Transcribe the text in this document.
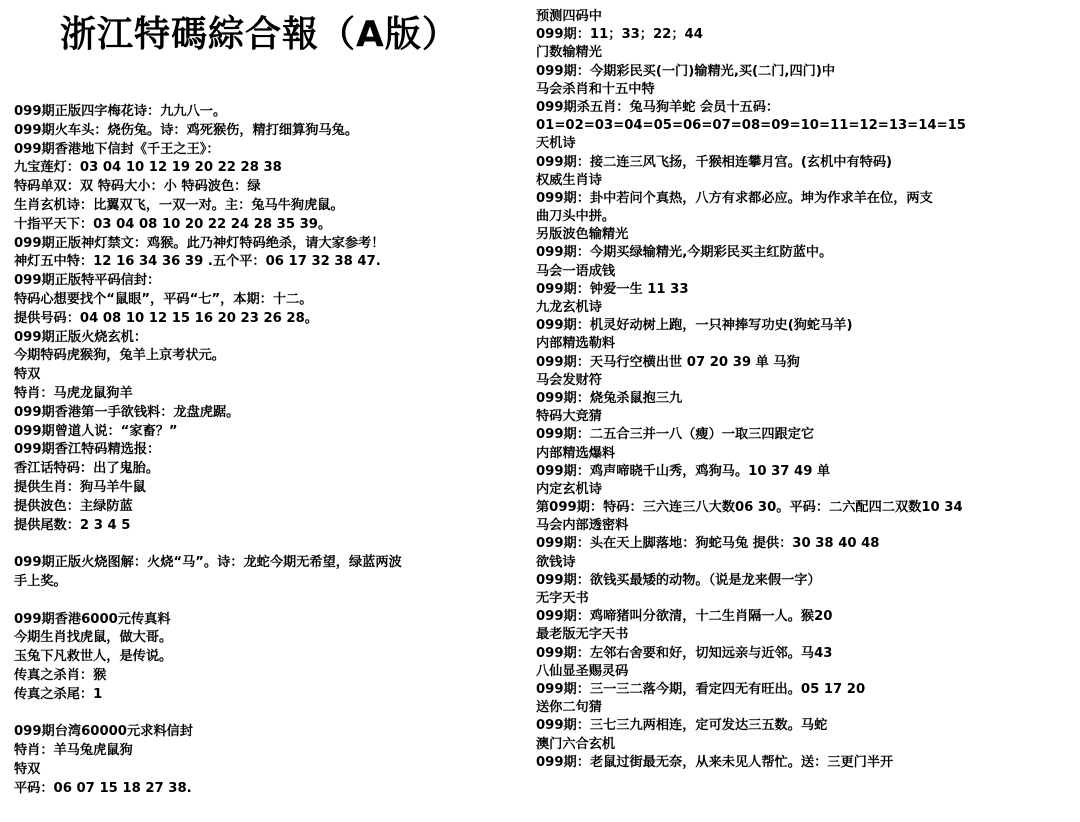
浙江特碼綜合報（A版）
099期正版四字梅花诗：九九八一。
099期火车头：烧伤兔。诗：鸡死猴伤，精打细算狗马兔。
099期香港地下信封《千王之王》：
九宝莲灯：03 04 10 12 19 20 22 28 38
特码单双：双 特码大小：小 特码波色：绿
生肖玄机诗：比翼双飞，一双一对。主：兔马牛狗虎鼠。
十指平天下：03 04 08 10 20 22 24 28 35 39。
099期正版神灯禁文：鸡猴。此乃神灯特码绝杀，请大家参考！
神灯五中特：12 16 34 36 39 .五个平：06 17 32 38 47.
099期正版特平码信封：
特码心想要找个“鼠眼”，平码“七”，本期：十二。
提供号码：04 08 10 12 15 16 20 23 26 28。
099期正版火烧玄机：
今期特码虎猴狗，兔羊上京考状元。
特双
特肖：马虎龙鼠狗羊
099期香港第一手欲钱料：龙盘虎踞。
099期曾道人说：“家畜？”
099期香江特码精选报：
香江话特码：出了鬼胎。
提供生肖：狗马羊牛鼠
提供波色：主绿防蓝
提供尾数：2 3 4 5
099期正版火烧图解：火烧“马”。诗：龙蛇今期无希望，绿蓝两波
手上奖。
099期香港6000元传真料
今期生肖找虎鼠，做大哥。
玉兔下凡救世人，是传说。
传真之杀肖：猴
传真之杀尾：1
099期台湾60000元求料信封
特肖：羊马兔虎鼠狗
特双
平码：06 07 15 18 27 38.
预测四码中
099期：11；33；22；44
门数输精光
099期：今期彩民买(一门)输精光,买(二门,四门)中
马会杀肖和十五中特
099期杀五肖：兔马狗羊蛇 会员十五码：
01=02=03=04=05=06=07=08=09=10=11=12=13=14=15
天机诗
099期：接二连三风飞扬，千猴相连攀月宫。(玄机中有特码)
权威生肖诗
099期：卦中若问个真热，八方有求都必应。坤为作求羊在位，两支
曲刀头中拼。
另版波色输精光
099期：今期买绿输精光,今期彩民买主红防蓝中。
马会一语成钱
099期：钟爱一生 11 33
九龙玄机诗
099期：机灵好动树上跑，一只神捧写功史(狗蛇马羊)
内部精选勒料
099期：天马行空横出世 07 20 39 单 马狗
马会发财符
099期：烧兔杀鼠抱三九
特码大竞猜
099期：二五合三并一八（瘦）一取三四跟定它
内部精选爆料
099期：鸡声啼晓千山秀，鸡狗马。10 37 49 单
内定玄机诗
第099期：特码：三六连三八大数06 30。平码：二六配四二双数10 34
马会内部透密料
099期：头在天上脚落地：狗蛇马兔 提供：30 38 40 48
欲钱诗
099期：欲钱买最矮的动物。（说是龙来假一字）
无字天书
099期：鸡啼猪叫分欲清，十二生肖隔一人。猴20
最老版无字天书
099期：左邻右舍要和好，切知远亲与近邻。马43
八仙显圣赐灵码
099期：三一三二落今期，看定四无有旺出。05 17 20
送你二句猜
099期：三七三九两相连，定可发达三五数。马蛇
澳门六合玄机
099期：老鼠过街最无奈，从来未见人帮忙。送：三更门半开
